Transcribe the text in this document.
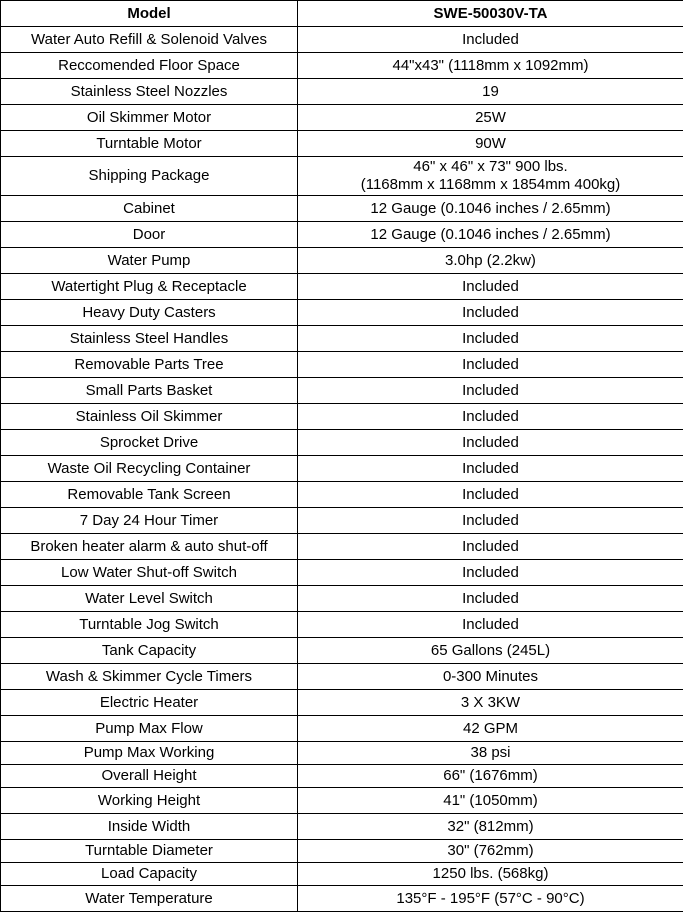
Model	SWE-50030V-TA
Water Auto Refill & Solenoid Valves	Included

Reccomended Floor Space	44"x43" (1118mm x 1092mm)

Stainless Steel Nozzles	19

Oil Skimmer Motor	25W

Turntable Motor	90W

Shipping Package	46" x 46" x 73" 900 lbs.
(1168mm x 1168mm x 1854mm 400kg)

Cabinet	12 Gauge (0.1046 inches / 2.65mm)

Door	12 Gauge (0.1046 inches / 2.65mm)

Water Pump	3.0hp (2.2kw)

Watertight Plug & Receptacle	Included

Heavy Duty Casters	Included

Stainless Steel Handles	Included

Removable Parts Tree	Included

Small Parts Basket	Included

Stainless Oil Skimmer	Included

Sprocket Drive	Included

Waste Oil Recycling Container	Included

Removable Tank Screen	Included

7 Day 24 Hour Timer	Included

Broken heater alarm & auto shut-off	Included

Low Water Shut-off Switch	Included

Water Level Switch	Included

Turntable Jog Switch	Included

Tank Capacity	65 Gallons (245L)

Wash & Skimmer Cycle Timers	0-300 Minutes

Electric Heater	3 X 3KW

Pump Max Flow	42 GPM

Pump Max Working	38 psi

Overall Height	66" (1676mm)

Working Height	41" (1050mm)

Inside Width	32" (812mm)

Turntable Diameter	30" (762mm)

Load Capacity	1250 lbs. (568kg)

Water Temperature	135°F - 195°F (57°C - 90°C)
